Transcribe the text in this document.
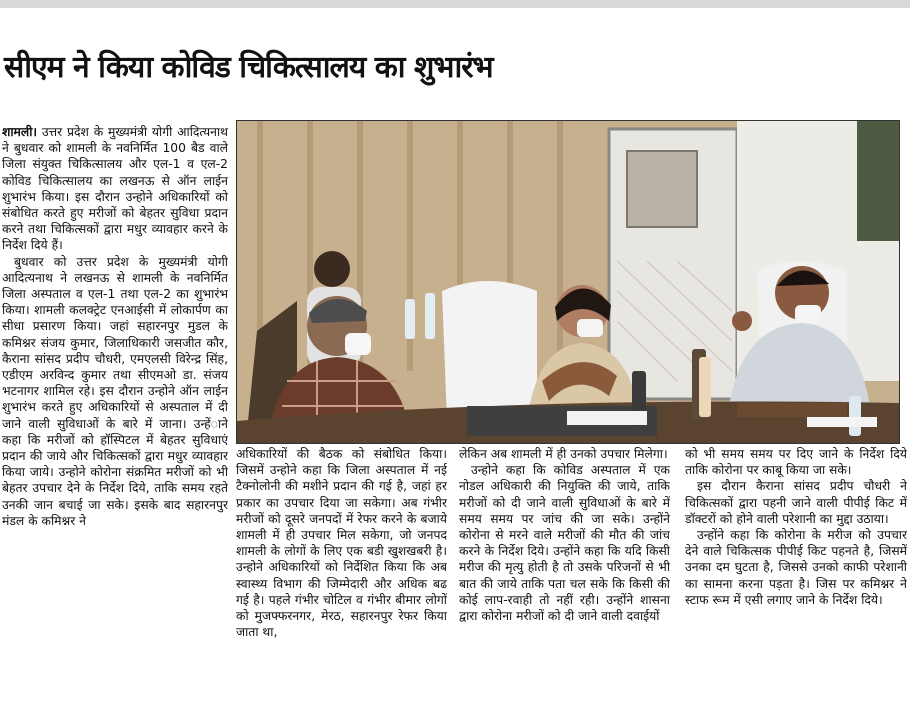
सीएम ने किया कोविड चिकित्सालय का शुभारंभ

शामली। उत्तर प्रदेश के मुख्यमंत्री योगी आदित्यनाथ ने बुधवार को शामली के नवनिर्मित 100 बैड वाले जिला संयुक्त चिकित्सालय और एल-1 व एल-2 कोविड चिकित्सालय का लखनऊ से ऑन लाईन शुभारंभ किया। इस दौरान उन्होने अधिकारियों को संबोधित करते हुए मरीजों को बेहतर सुविधा प्रदान करने तथा चिकित्सकों द्वारा मधुर व्यावहार करने के निर्देश दिये हैं।

बुधवार को उत्तर प्रदेश के मुख्यमंत्री योगी आदित्यनाथ ने लखनऊ से शामली के नवनिर्मित जिला अस्पताल व एल-1 तथा एल-2 का शुभारंभ किया। शामली कलक्ट्रेट एनआईसी में लोकार्पण का सीधा प्रसारण किया। जहां सहारनपुर मुडल के कमिश्नर संजय कुमार, जिलाधिकारी जसजीत कौर, कैराना सांसद प्रदीप चौधरी, एमएलसी विरेन्द्र सिंह, एडीएम अरविन्द कुमार तथा सीएमओ डा. संजय भटनागर शामिल रहे। इस दौरान उन्होने ऑन लाईन शुभारंभ करते हुए अधिकारियों से अस्पताल में दी जाने वाली सुविधाओं के बारे में जाना। उन्हेंाने कहा कि मरीजों को हॉस्पिटल में बेहतर सुविधाएं प्रदान की जाये और चिकित्सकों द्वारा मधुर व्यावहार किया जाये। उन्होने कोरोना संक्रमित मरीजों को भी बेहतर उपचार देने के निर्देश दिये, ताकि समय रहते उनकी जान बचाई जा सके। इसके बाद सहारनपुर मंडल के कमिश्नर ने

अधिकारियों की बैठक को संबोधित किया। जिसमें उन्होने कहा कि जिला अस्पताल में नई टैक्नोलोनी की मशीने प्रदान की गई है, जहां हर प्रकार का उपचार दिया जा सकेगा। अब गंभीर मरीजों को दूसरे जनपदों में रेफर करने के बजाये शामली में ही उपचार मिल सकेगा, जो जनपद शामली के लोगों के लिए एक बडी खुशखबरी है। उन्होने अधिकारियों को निर्देशित किया कि अब स्वास्थ्य विभाग की जिम्मेदारी और अधिक बढ गई है। पहले गंभीर चोटिल व गंभीर बीमार लोगों को मुजफ्फरनगर, मेरठ, सहारनपुर रेफर किया जाता था,

लेकिन अब शामली में ही उनको उपचार मिलेगा।

उन्होने कहा कि कोविड अस्पताल में एक नोडल अधिकारी की नियुक्ति की जाये, ताकि मरीजों को दी जाने वाली सुविधाओं के बारे में समय समय पर जांच की जा सके। उन्होंने कोरोना से मरने वाले मरीजों की मौत की जांच करने के निर्देश दिये। उन्होंने कहा कि यदि किसी मरीज की मृत्यु होती है तो उसके परिजनों से भी बात की जाये ताकि पता चल सके कि किसी की कोई लाप-रवाही तो नहीं रही। उन्होंने शासना द्वारा कोरोना मरीजों को दी जाने वाली दवाईयों

को भी समय समय पर दिए जाने के निर्देश दिये ताकि कोरोना पर काबू किया जा सके।

इस दौरान कैराना सांसद प्रदीप चौधरी ने चिकित्सकों द्वारा पहनी जाने वाली पीपीई किट में डॉक्टरों को होने वाली परेशानी का मुद्दा उठाया।

उन्होंने कहा कि कोरोना के मरीज को उपचार देने वाले चिकित्सक पीपीई किट पहनते है, जिसमें उनका दम घुटता है, जिससे उनको काफी परेशानी का सामना करना पड़ता है। जिस पर कमिश्नर ने स्टाफ रूम में एसी लगाए जाने के निर्देश दिये।
